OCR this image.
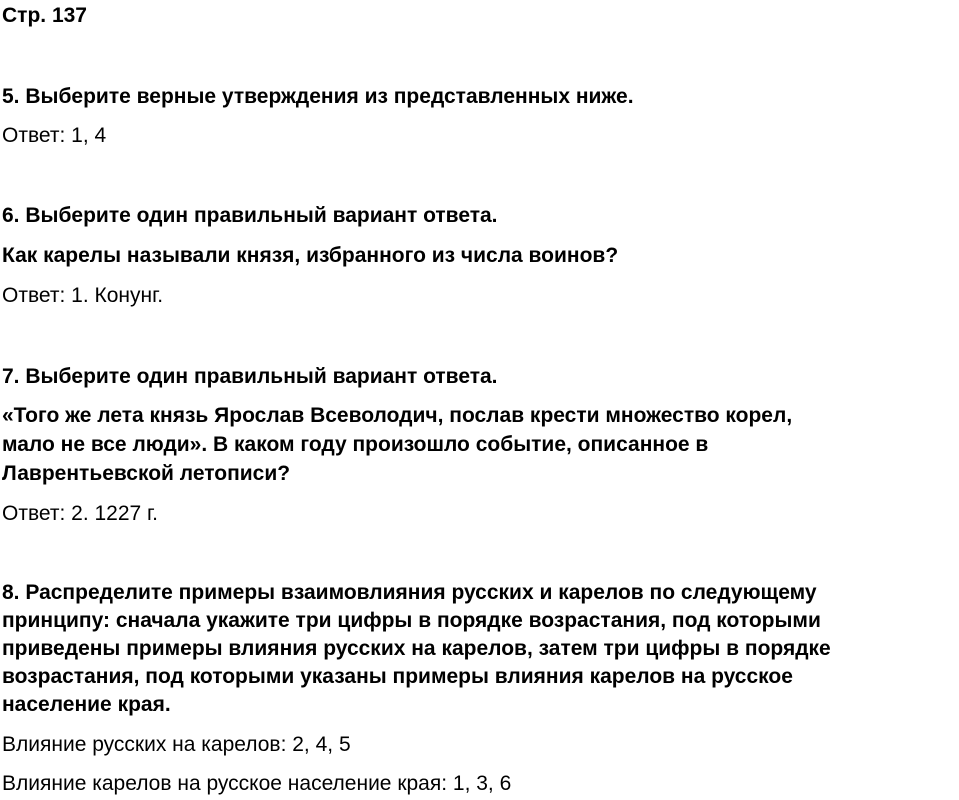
Стр. 137
5. Выберите верные утверждения из представленных ниже.
Ответ: 1, 4
6. Выберите один правильный вариант ответа.
Как карелы называли князя, избранного из числа воинов?
Ответ: 1. Конунг.
7. Выберите один правильный вариант ответа.
«Того же лета князь Ярослав Всеволодич, послав крести множество корел,
мало не все люди». В каком году произошло событие, описанное в
Лаврентьевской летописи?
Ответ: 2. 1227 г.
8. Распределите примеры взаимовлияния русских и карелов по следующему
принципу: сначала укажите три цифры в порядке возрастания, под которыми
приведены примеры влияния русских на карелов, затем три цифры в порядке
возрастания, под которыми указаны примеры влияния карелов на русское
население края.
Влияние русских на карелов: 2, 4, 5
Влияние карелов на русское население края: 1, 3, 6
